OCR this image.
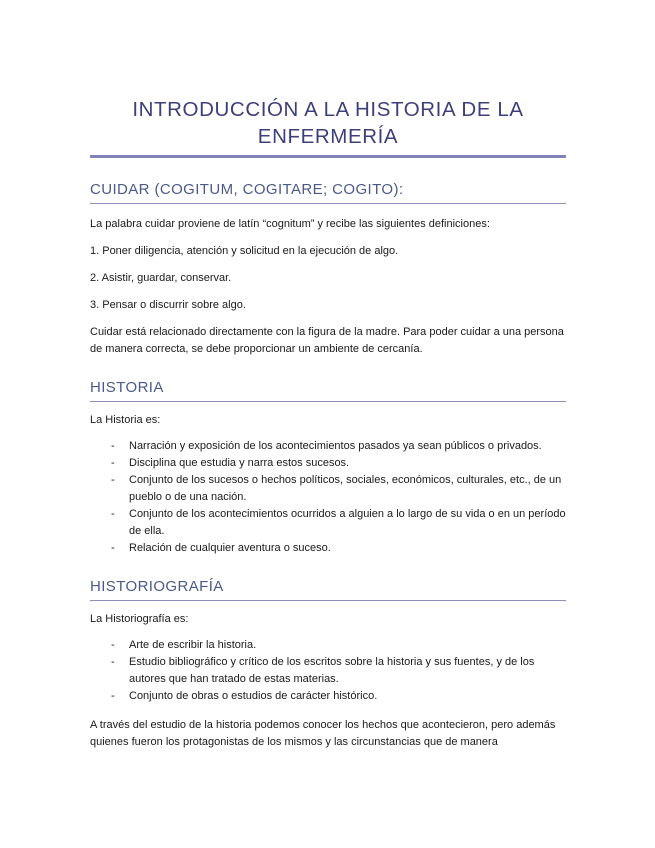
INTRODUCCIÓN A LA HISTORIA DE LA
ENFERMERÍA
CUIDAR (COGITUM, COGITARE; COGITO):

La palabra cuidar proviene de latín “cognitum” y recibe las siguientes definiciones:

1. Poner diligencia, atención y solicitud en la ejecución de algo.

2. Asistir, guardar, conservar.

3. Pensar o discurrir sobre algo.

Cuidar está relacionado directamente con la figura de la madre. Para poder cuidar a una persona de manera correcta, se debe proporcionar un ambiente de cercanía.

HISTORIA

La Historia es:

- Narración y exposición de los acontecimientos pasados ya sean públicos o privados.
- Disciplina que estudia y narra estos sucesos.
- Conjunto de los sucesos o hechos políticos, sociales, económicos, culturales, etc., de un pueblo o de una nación.
- Conjunto de los acontecimientos ocurridos a alguien a lo largo de su vida o en un período de ella.
- Relación de cualquier aventura o suceso.
HISTORIOGRAFÍA

La Historiografía es:

- Arte de escribir la historia.
- Estudio bibliográfico y crítico de los escritos sobre la historia y sus fuentes, y de los autores que han tratado de estas materias.
- Conjunto de obras o estudios de carácter histórico.

A través del estudio de la historia podemos conocer los hechos que acontecieron, pero además quienes fueron los protagonistas de los mismos y las circunstancias que de manera
